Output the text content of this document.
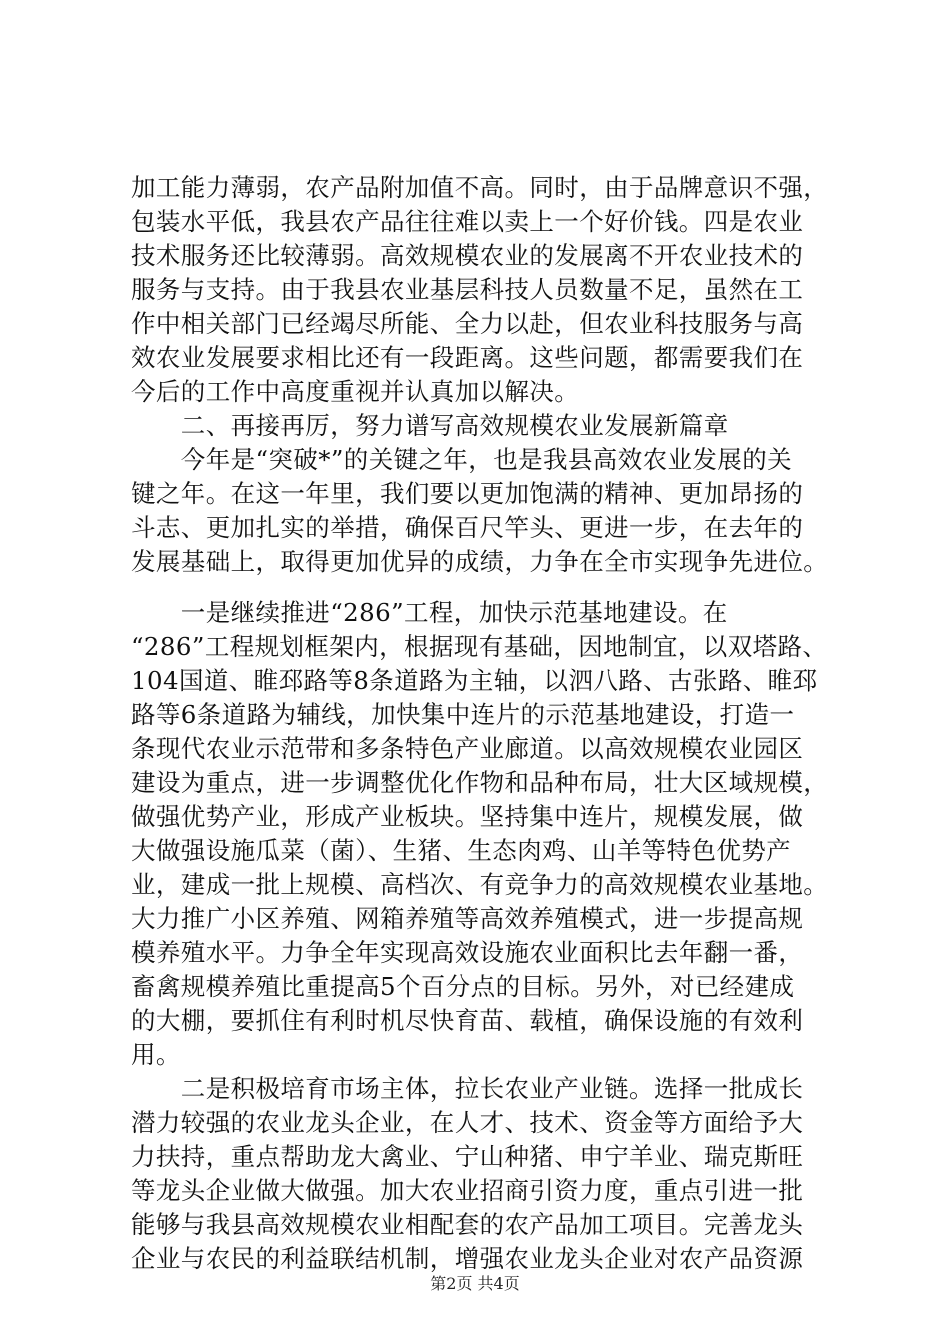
加工能力薄弱，农产品附加值不高。同时，由于品牌意识不强，
包装水平低，我县农产品往往难以卖上一个好价钱。四是农业
技术服务还比较薄弱。高效规模农业的发展离不开农业技术的
服务与支持。由于我县农业基层科技人员数量不足，虽然在工
作中相关部门已经竭尽所能、全力以赴，但农业科技服务与高
效农业发展要求相比还有一段距离。这些问题，都需要我们在
今后的工作中高度重视并认真加以解决。
　　二、再接再厉，努力谱写高效规模农业发展新篇章
　　今年是“突破*”的关键之年，也是我县高效农业发展的关
键之年。在这一年里，我们要以更加饱满的精神、更加昂扬的
斗志、更加扎实的举措，确保百尺竿头、更进一步，在去年的
发展基础上，取得更加优异的成绩，力争在全市实现争先进位。
　　一是继续推进“286”工程，加快示范基地建设。在
“286”工程规划框架内，根据现有基础，因地制宜，以双塔路、
104国道、睢邳路等8条道路为主轴，以泗八路、古张路、睢邳
路等6条道路为辅线，加快集中连片的示范基地建设，打造一
条现代农业示范带和多条特色产业廊道。以高效规模农业园区
建设为重点，进一步调整优化作物和品种布局，壮大区域规模，
做强优势产业，形成产业板块。坚持集中连片，规模发展，做
大做强设施瓜菜（菌）、生猪、生态肉鸡、山羊等特色优势产
业，建成一批上规模、高档次、有竞争力的高效规模农业基地。
大力推广小区养殖、网箱养殖等高效养殖模式，进一步提高规
模养殖水平。力争全年实现高效设施农业面积比去年翻一番，
畜禽规模养殖比重提高5个百分点的目标。另外，对已经建成
的大棚，要抓住有利时机尽快育苗、载植，确保设施的有效利
用。
　　二是积极培育市场主体，拉长农业产业链。选择一批成长
潜力较强的农业龙头企业，在人才、技术、资金等方面给予大
力扶持，重点帮助龙大禽业、宁山种猪、申宁羊业、瑞克斯旺
等龙头企业做大做强。加大农业招商引资力度，重点引进一批
能够与我县高效规模农业相配套的农产品加工项目。完善龙头
企业与农民的利益联结机制，增强农业龙头企业对农产品资源
第2页 共4页
